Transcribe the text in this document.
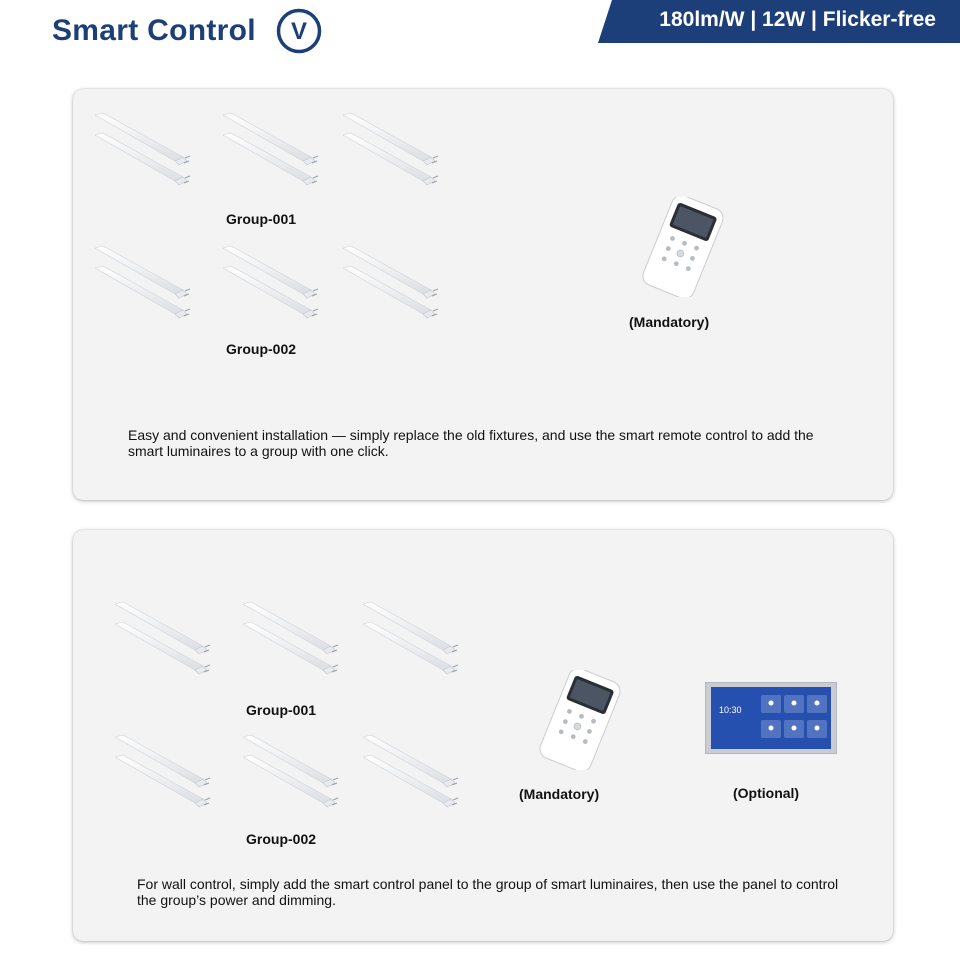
Smart Control V	180lm/W | 12W | Flicker-free
Group-001
Group-002
(Mandatory)
Easy and convenient installation — simply replace the old fixtures, and use the smart remote control to add the smart luminaires to a group with one click.
Group-001
Group-002
(Mandatory)
10:30
(Optional)
For wall control, simply add the smart control panel to the group of smart luminaires, then use the panel to control the group’s power and dimming.
